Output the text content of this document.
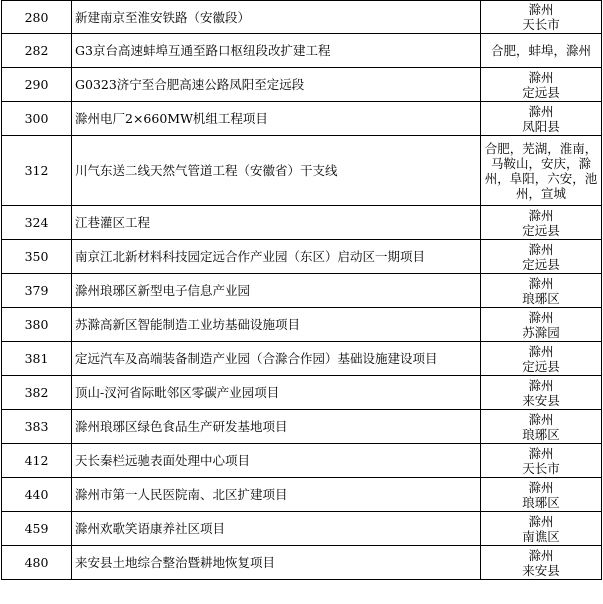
280	新建南京至淮安铁路（安徽段）	滁州
天长市

282	G3京台高速蚌埠互通至路口枢纽段改扩建工程	合肥，蚌埠，滁州

290	G0323济宁至合肥高速公路凤阳至定远段	滁州
定远县

300	滁州电厂2×660MW机组工程项目	滁州
凤阳县

312	川气东送二线天然气管道工程（安徽省）干支线	合肥，芜湖，淮南，
马鞍山，安庆，滁
州，阜阳，六安，池
州，宣城

324	江巷灌区工程	滁州
定远县

350	南京江北新材料科技园定远合作产业园（东区）启动区一期项目	滁州
定远县

379	滁州琅琊区新型电子信息产业园	滁州
琅琊区

380	苏滁高新区智能制造工业坊基础设施项目	滁州
苏滁园

381	定远汽车及高端装备制造产业园（合滁合作园）基础设施建设项目	滁州
定远县

382	顶山-汊河省际毗邻区零碳产业园项目	滁州
来安县

383	滁州琅琊区绿色食品生产研发基地项目	滁州
琅琊区

412	天长秦栏远驰表面处理中心项目	滁州
天长市

440	滁州市第一人民医院南、北区扩建项目	滁州
琅琊区

459	滁州欢歌笑语康养社区项目	滁州
南谯区

480	来安县土地综合整治暨耕地恢复项目	滁州
来安县
